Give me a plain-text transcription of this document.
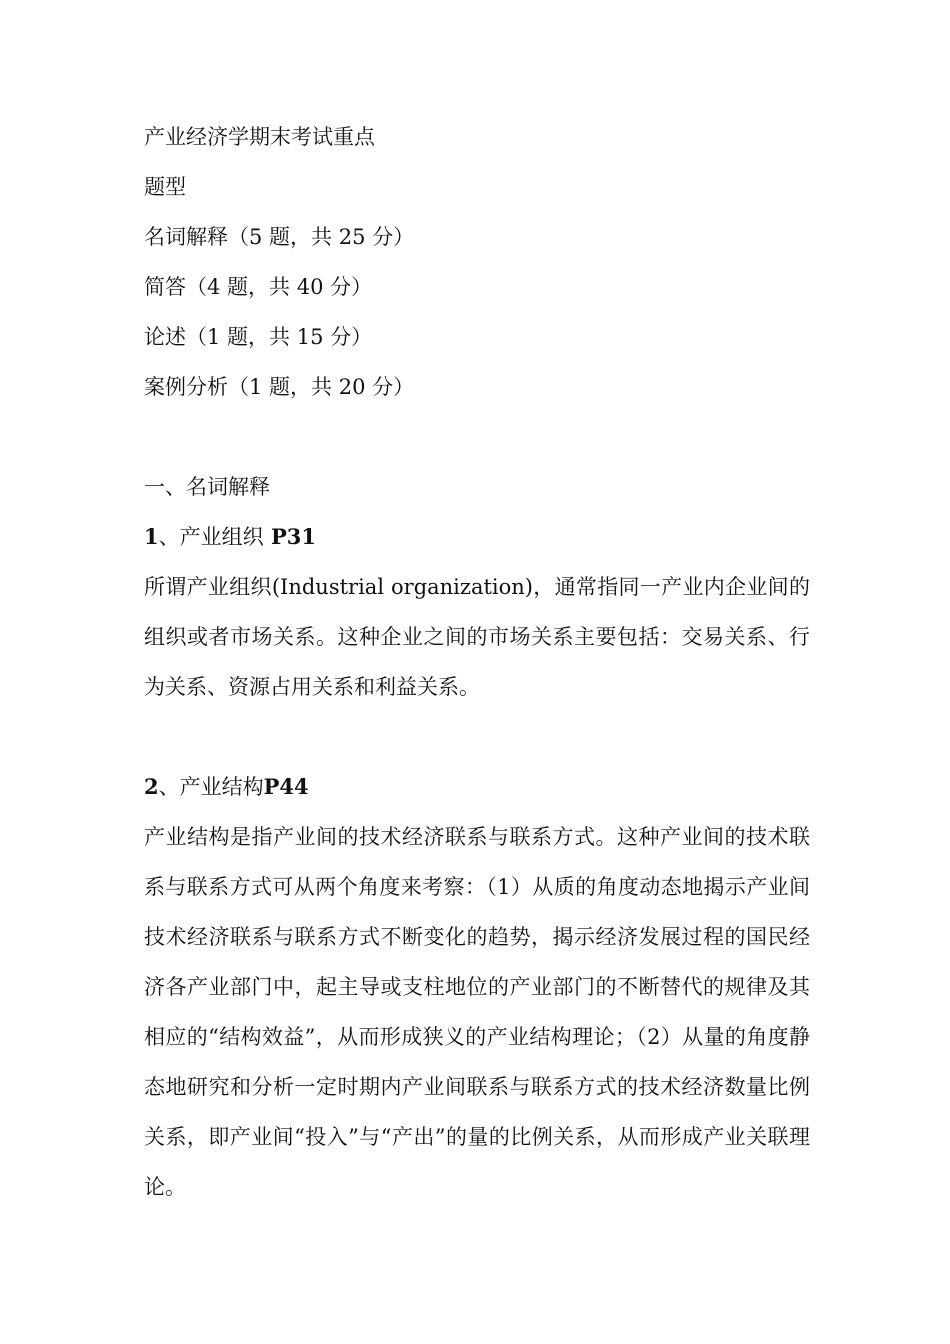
产业经济学期末考试重点

题型

名词解释（5 题，共 25 分）

简答（4 题，共 40 分）

论述（1 题，共 15 分）

案例分析（1 题，共 20 分）

一、名词解释

1、产业组织 P31

所谓产业组织(Industrial organization)，通常指同一产业内企业间的组织或者市场关系。这种企业之间的市场关系主要包括：交易关系、行为关系、资源占用关系和利益关系。

2、产业结构P44

产业结构是指产业间的技术经济联系与联系方式。这种产业间的技术联系与联系方式可从两个角度来考察：（1）从质的角度动态地揭示产业间技术经济联系与联系方式不断变化的趋势，揭示经济发展过程的国民经济各产业部门中，起主导或支柱地位的产业部门的不断替代的规律及其相应的“结构效益”，从而形成狭义的产业结构理论；（2）从量的角度静态地研究和分析一定时期内产业间联系与联系方式的技术经济数量比例关系，即产业间“投入”与“产出”的量的比例关系，从而形成产业关联理论。
